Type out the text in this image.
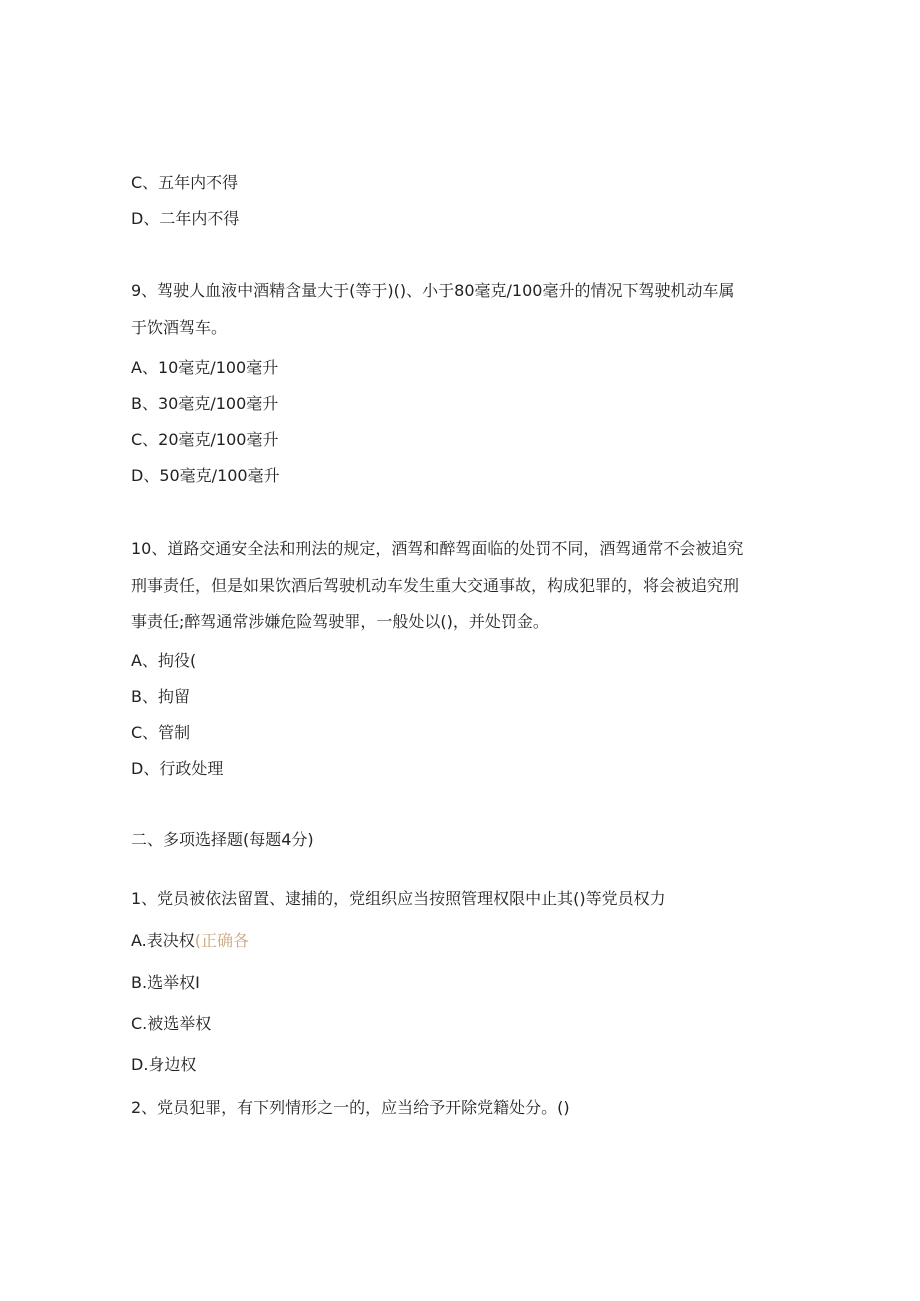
C、五年内不得
D、二年内不得
9、驾驶人血液中酒精含量大于(等于)()、小于80毫克/100毫升的情况下驾驶机动车属
于饮酒驾车。
A、10毫克/100毫升
B、30毫克/100毫升
C、20毫克/100毫升
D、50毫克/100毫升
10、道路交通安全法和刑法的规定，酒驾和醉驾面临的处罚不同，酒驾通常不会被追究
刑事责任，但是如果饮酒后驾驶机动车发生重大交通事故，构成犯罪的，将会被追究刑
事责任;醉驾通常涉嫌危险驾驶罪，一般处以()，并处罚金。
A、拘役(
B、拘留
C、管制
D、行政处理
二、多项选择题(每题4分)
1、党员被依法留置、逮捕的，党组织应当按照管理权限中止其()等党员权力
A.表决权(正确各
B.选举权I
C.被选举权
D.身边权
2、党员犯罪，有下列情形之一的，应当给予开除党籍处分。()
